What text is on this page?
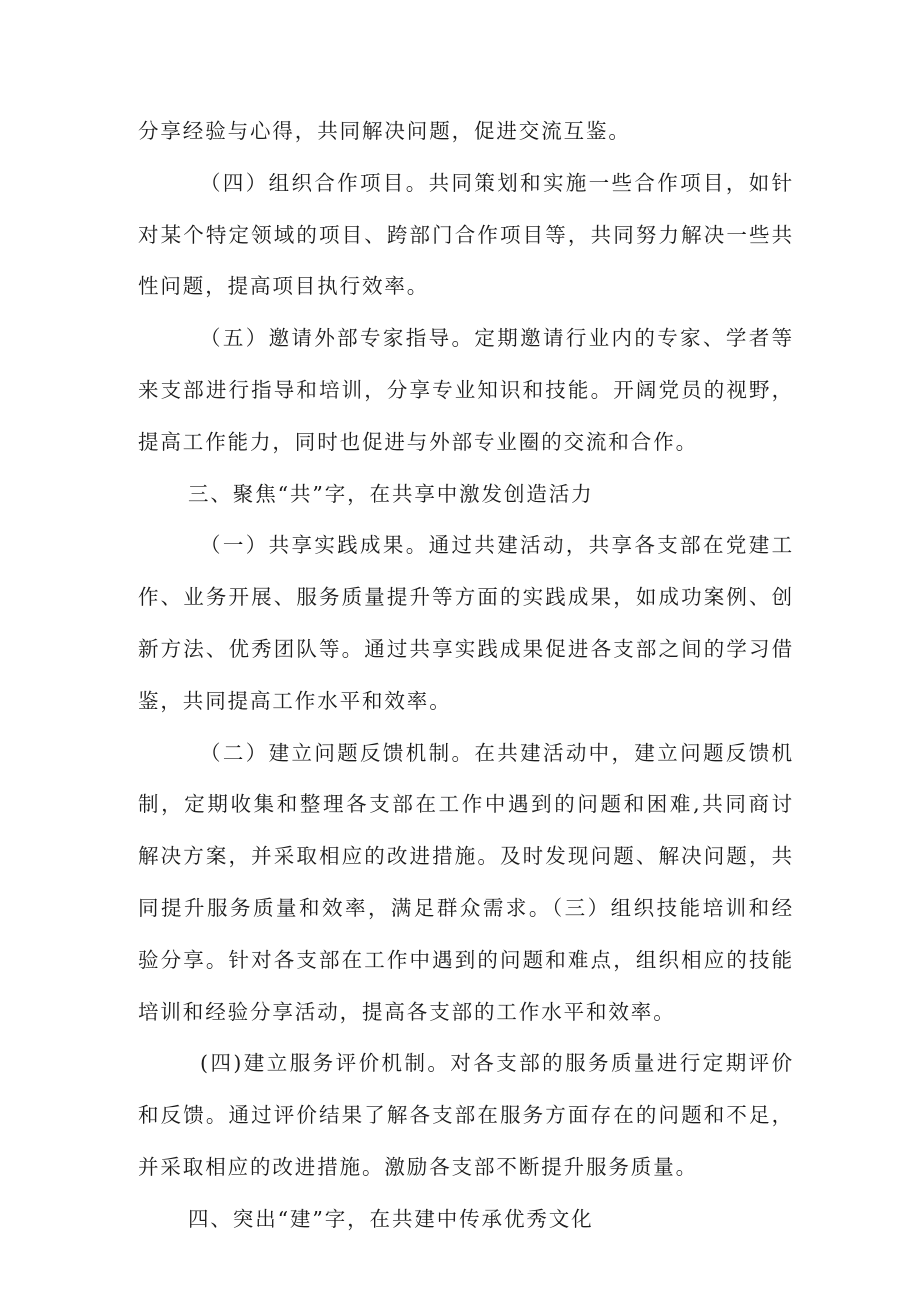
分享经验与心得，共同解决问题，促进交流互鉴。

（四）组织合作项目。共同策划和实施一些合作项目，如针对某个特定领域的项目、跨部门合作项目等，共同努力解决一些共性问题，提高项目执行效率。

（五）邀请外部专家指导。定期邀请行业内的专家、学者等来支部进行指导和培训，分享专业知识和技能。开阔党员的视野，提高工作能力，同时也促进与外部专业圈的交流和合作。

三、聚焦“共”字，在共享中激发创造活力

（一）共享实践成果。通过共建活动，共享各支部在党建工作、业务开展、服务质量提升等方面的实践成果，如成功案例、创新方法、优秀团队等。通过共享实践成果促进各支部之间的学习借鉴，共同提高工作水平和效率。

（二）建立问题反馈机制。在共建活动中，建立问题反馈机制，定期收集和整理各支部在工作中遇到的问题和困难,共同商讨解决方案，并采取相应的改进措施。及时发现问题、解决问题，共同提升服务质量和效率，满足群众需求。（三）组织技能培训和经验分享。针对各支部在工作中遇到的问题和难点，组织相应的技能培训和经验分享活动，提高各支部的工作水平和效率。

(四)建立服务评价机制。对各支部的服务质量进行定期评价和反馈。通过评价结果了解各支部在服务方面存在的问题和不足，并采取相应的改进措施。激励各支部不断提升服务质量。

四、突出“建”字，在共建中传承优秀文化
